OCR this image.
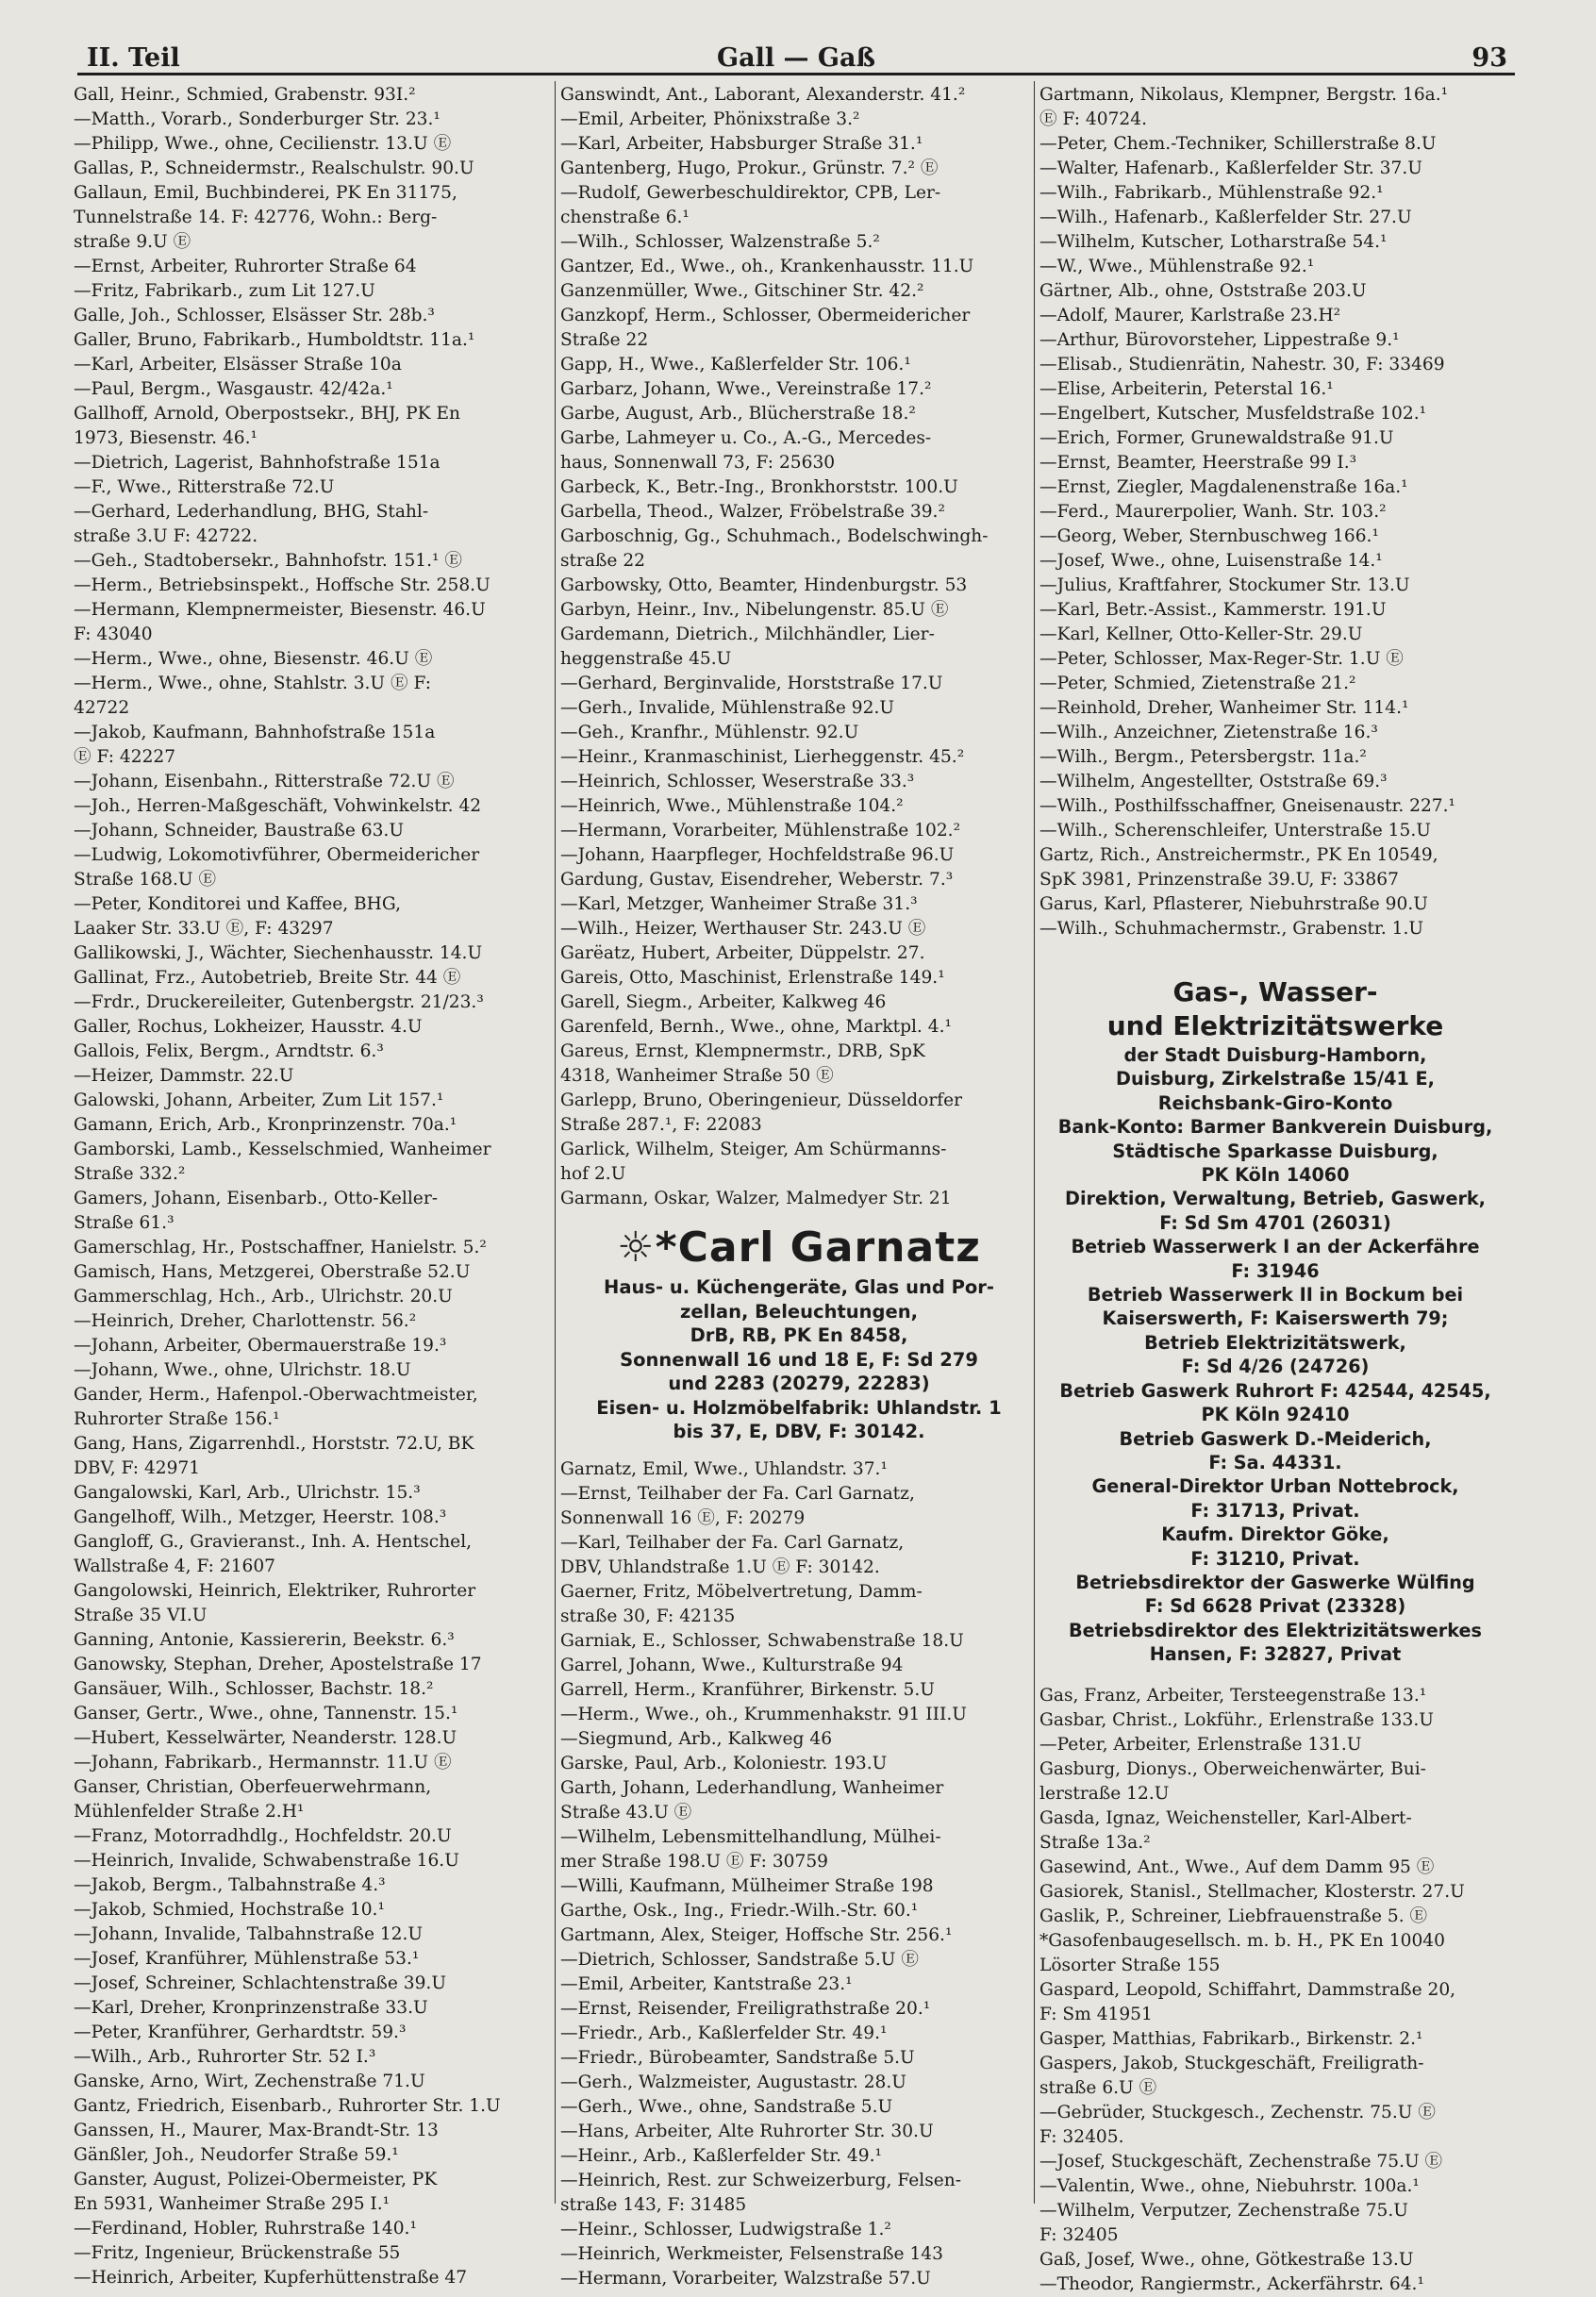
II. Teil	Gall — Gaß	93
Gall, Heinr., Schmied, Grabenstr. 93I.²
—Matth., Vorarb., Sonderburger Str. 23.¹
—Philipp, Wwe., ohne, Cecilienstr. 13.U Ⓔ
Gallas, P., Schneidermstr., Realschulstr. 90.U
Gallaun, Emil, Buchbinderei, PK En 31175,
Tunnelstraße 14. F: 42776, Wohn.: Berg-
straße 9.U Ⓔ
—Ernst, Arbeiter, Ruhrorter Straße 64
—Fritz, Fabrikarb., zum Lit 127.U
Galle, Joh., Schlosser, Elsässer Str. 28b.³
Galler, Bruno, Fabrikarb., Humboldtstr. 11a.¹
—Karl, Arbeiter, Elsässer Straße 10a
—Paul, Bergm., Wasgaustr. 42/42a.¹
Gallhoff, Arnold, Oberpostsekr., BHJ, PK En
1973, Biesenstr. 46.¹
—Dietrich, Lagerist, Bahnhofstraße 151a
—F., Wwe., Ritterstraße 72.U
—Gerhard, Lederhandlung, BHG, Stahl-
straße 3.U F: 42722.
—Geh., Stadtobersekr., Bahnhofstr. 151.¹ Ⓔ
—Herm., Betriebsinspekt., Hoffsche Str. 258.U
—Hermann, Klempnermeister, Biesenstr. 46.U
F: 43040
—Herm., Wwe., ohne, Biesenstr. 46.U Ⓔ
—Herm., Wwe., ohne, Stahlstr. 3.U Ⓔ F:
42722
—Jakob, Kaufmann, Bahnhofstraße 151a
Ⓔ F: 42227
—Johann, Eisenbahn., Ritterstraße 72.U Ⓔ
—Joh., Herren-Maßgeschäft, Vohwinkelstr. 42
—Johann, Schneider, Baustraße 63.U
—Ludwig, Lokomotivführer, Obermeidericher
Straße 168.U Ⓔ
—Peter, Konditorei und Kaffee, BHG,
Laaker Str. 33.U Ⓔ, F: 43297
Gallikowski, J., Wächter, Siechenhausstr. 14.U
Gallinat, Frz., Autobetrieb, Breite Str. 44 Ⓔ
—Frdr., Druckereileiter, Gutenbergstr. 21/23.³
Galler, Rochus, Lokheizer, Hausstr. 4.U
Gallois, Felix, Bergm., Arndtstr. 6.³
—Heizer, Dammstr. 22.U
Galowski, Johann, Arbeiter, Zum Lit 157.¹
Gamann, Erich, Arb., Kronprinzenstr. 70a.¹
Gamborski, Lamb., Kesselschmied, Wanheimer
Straße 332.²
Gamers, Johann, Eisenbarb., Otto-Keller-
Straße 61.³
Gamerschlag, Hr., Postschaffner, Hanielstr. 5.²
Gamisch, Hans, Metzgerei, Oberstraße 52.U
Gammerschlag, Hch., Arb., Ulrichstr. 20.U
—Heinrich, Dreher, Charlottenstr. 56.²
—Johann, Arbeiter, Obermauerstraße 19.³
—Johann, Wwe., ohne, Ulrichstr. 18.U
Gander, Herm., Hafenpol.-Oberwachtmeister,
Ruhrorter Straße 156.¹
Gang, Hans, Zigarrenhdl., Horststr. 72.U, BK
DBV, F: 42971
Gangalowski, Karl, Arb., Ulrichstr. 15.³
Gangelhoff, Wilh., Metzger, Heerstr. 108.³
Gangloff, G., Gravieranst., Inh. A. Hentschel,
Wallstraße 4, F: 21607
Gangolowski, Heinrich, Elektriker, Ruhrorter
Straße 35 VI.U
Ganning, Antonie, Kassiererin, Beekstr. 6.³
Ganowsky, Stephan, Dreher, Apostelstraße 17
Gansäuer, Wilh., Schlosser, Bachstr. 18.²
Ganser, Gertr., Wwe., ohne, Tannenstr. 15.¹
—Hubert, Kesselwärter, Neanderstr. 128.U
—Johann, Fabrikarb., Hermannstr. 11.U Ⓔ
Ganser, Christian, Oberfeuerwehrmann,
Mühlenfelder Straße 2.H¹
—Franz, Motorradhdlg., Hochfeldstr. 20.U
—Heinrich, Invalide, Schwabenstraße 16.U
—Jakob, Bergm., Talbahnstraße 4.³
—Jakob, Schmied, Hochstraße 10.¹
—Johann, Invalide, Talbahnstraße 12.U
—Josef, Kranführer, Mühlenstraße 53.¹
—Josef, Schreiner, Schlachtenstraße 39.U
—Karl, Dreher, Kronprinzenstraße 33.U
—Peter, Kranführer, Gerhardtstr. 59.³
—Wilh., Arb., Ruhrorter Str. 52 I.³
Ganske, Arno, Wirt, Zechenstraße 71.U
Gantz, Friedrich, Eisenbarb., Ruhrorter Str. 1.U
Ganssen, H., Maurer, Max-Brandt-Str. 13
Gänßler, Joh., Neudorfer Straße 59.¹
Ganster, August, Polizei-Obermeister, PK
En 5931, Wanheimer Straße 295 I.¹
—Ferdinand, Hobler, Ruhrstraße 140.¹
—Fritz, Ingenieur, Brückenstraße 55
—Heinrich, Arbeiter, Kupferhüttenstraße 47
Ganswindt, Ant., Laborant, Alexanderstr. 41.²
—Emil, Arbeiter, Phönixstraße 3.²
—Karl, Arbeiter, Habsburger Straße 31.¹
Gantenberg, Hugo, Prokur., Grünstr. 7.² Ⓔ
—Rudolf, Gewerbeschuldirektor, CPB, Ler-
chenstraße 6.¹
—Wilh., Schlosser, Walzenstraße 5.²
Gantzer, Ed., Wwe., oh., Krankenhausstr. 11.U
Ganzenmüller, Wwe., Gitschiner Str. 42.²
Ganzkopf, Herm., Schlosser, Obermeidericher
Straße 22
Gapp, H., Wwe., Kaßlerfelder Str. 106.¹
Garbarz, Johann, Wwe., Vereinstraße 17.²
Garbe, August, Arb., Blücherstraße 18.²
Garbe, Lahmeyer u. Co., A.-G., Mercedes-
haus, Sonnenwall 73, F: 25630
Garbeck, K., Betr.-Ing., Bronkhorststr. 100.U
Garbella, Theod., Walzer, Fröbelstraße 39.²
Garboschnig, Gg., Schuhmach., Bodelschwingh-
straße 22
Garbowsky, Otto, Beamter, Hindenburgstr. 53
Garbyn, Heinr., Inv., Nibelungenstr. 85.U Ⓔ
Gardemann, Dietrich., Milchhändler, Lier-
heggenstraße 45.U
—Gerhard, Berginvalide, Horststraße 17.U
—Gerh., Invalide, Mühlenstraße 92.U
—Geh., Kranfhr., Mühlenstr. 92.U
—Heinr., Kranmaschinist, Lierheggenstr. 45.²
—Heinrich, Schlosser, Weserstraße 33.³
—Heinrich, Wwe., Mühlenstraße 104.²
—Hermann, Vorarbeiter, Mühlenstraße 102.²
—Johann, Haarpfleger, Hochfeldstraße 96.U
Gardung, Gustav, Eisendreher, Weberstr. 7.³
—Karl, Metzger, Wanheimer Straße 31.³
—Wilh., Heizer, Werthauser Str. 243.U Ⓔ
Garëatz, Hubert, Arbeiter, Düppelstr. 27.
Gareis, Otto, Maschinist, Erlenstraße 149.¹
Garell, Siegm., Arbeiter, Kalkweg 46
Garenfeld, Bernh., Wwe., ohne, Marktpl. 4.¹
Gareus, Ernst, Klempnermstr., DRB, SpK
4318, Wanheimer Straße 50 Ⓔ
Garlepp, Bruno, Oberingenieur, Düsseldorfer
Straße 287.¹, F: 22083
Garlick, Wilhelm, Steiger, Am Schürmanns-
hof 2.U
Garmann, Oskar, Walzer, Malmedyer Str. 21
☼*Carl Garnatz
Haus- u. Küchengeräte, Glas und Por-
zellan, Beleuchtungen,
DrB, RB, PK En 8458,
Sonnenwall 16 und 18 E, F: Sd 279
und 2283 (20279, 22283)
Eisen- u. Holzmöbelfabrik: Uhlandstr. 1
bis 37, E, DBV, F: 30142.
Garnatz, Emil, Wwe., Uhlandstr. 37.¹
—Ernst, Teilhaber der Fa. Carl Garnatz,
Sonnenwall 16 Ⓔ, F: 20279
—Karl, Teilhaber der Fa. Carl Garnatz,
DBV, Uhlandstraße 1.U Ⓔ F: 30142.
Gaerner, Fritz, Möbelvertretung, Damm-
straße 30, F: 42135
Garniak, E., Schlosser, Schwabenstraße 18.U
Garrel, Johann, Wwe., Kulturstraße 94
Garrell, Herm., Kranführer, Birkenstr. 5.U
—Herm., Wwe., oh., Krummenhakstr. 91 III.U
—Siegmund, Arb., Kalkweg 46
Garske, Paul, Arb., Koloniestr. 193.U
Garth, Johann, Lederhandlung, Wanheimer
Straße 43.U Ⓔ
—Wilhelm, Lebensmittelhandlung, Mülhei-
mer Straße 198.U Ⓔ F: 30759
—Willi, Kaufmann, Mülheimer Straße 198
Garthe, Osk., Ing., Friedr.-Wilh.-Str. 60.¹
Gartmann, Alex, Steiger, Hoffsche Str. 256.¹
—Dietrich, Schlosser, Sandstraße 5.U Ⓔ
—Emil, Arbeiter, Kantstraße 23.¹
—Ernst, Reisender, Freiligrathstraße 20.¹
—Friedr., Arb., Kaßlerfelder Str. 49.¹
—Friedr., Bürobeamter, Sandstraße 5.U
—Gerh., Walzmeister, Augustastr. 28.U
—Gerh., Wwe., ohne, Sandstraße 5.U
—Hans, Arbeiter, Alte Ruhrorter Str. 30.U
—Heinr., Arb., Kaßlerfelder Str. 49.¹
—Heinrich, Rest. zur Schweizerburg, Felsen-
straße 143, F: 31485
—Heinr., Schlosser, Ludwigstraße 1.²
—Heinrich, Werkmeister, Felsenstraße 143
—Hermann, Vorarbeiter, Walzstraße 57.U
Gartmann, Nikolaus, Klempner, Bergstr. 16a.¹
Ⓔ F: 40724.
—Peter, Chem.-Techniker, Schillerstraße 8.U
—Walter, Hafenarb., Kaßlerfelder Str. 37.U
—Wilh., Fabrikarb., Mühlenstraße 92.¹
—Wilh., Hafenarb., Kaßlerfelder Str. 27.U
—Wilhelm, Kutscher, Lotharstraße 54.¹
—W., Wwe., Mühlenstraße 92.¹
Gärtner, Alb., ohne, Oststraße 203.U
—Adolf, Maurer, Karlstraße 23.H²
—Arthur, Bürovorsteher, Lippestraße 9.¹
—Elisab., Studienrätin, Nahestr. 30, F: 33469
—Elise, Arbeiterin, Peterstal 16.¹
—Engelbert, Kutscher, Musfeldstraße 102.¹
—Erich, Former, Grunewaldstraße 91.U
—Ernst, Beamter, Heerstraße 99 I.³
—Ernst, Ziegler, Magdalenenstraße 16a.¹
—Ferd., Maurerpolier, Wanh. Str. 103.²
—Georg, Weber, Sternbuschweg 166.¹
—Josef, Wwe., ohne, Luisenstraße 14.¹
—Julius, Kraftfahrer, Stockumer Str. 13.U
—Karl, Betr.-Assist., Kammerstr. 191.U
—Karl, Kellner, Otto-Keller-Str. 29.U
—Peter, Schlosser, Max-Reger-Str. 1.U Ⓔ
—Peter, Schmied, Zietenstraße 21.²
—Reinhold, Dreher, Wanheimer Str. 114.¹
—Wilh., Anzeichner, Zietenstraße 16.³
—Wilh., Bergm., Petersbergstr. 11a.²
—Wilhelm, Angestellter, Oststraße 69.³
—Wilh., Posthilfsschaffner, Gneisenaustr. 227.¹
—Wilh., Scherenschleifer, Unterstraße 15.U
Gartz, Rich., Anstreichermstr., PK En 10549,
SpK 3981, Prinzenstraße 39.U, F: 33867
Garus, Karl, Pflasterer, Niebuhrstraße 90.U
—Wilh., Schuhmachermstr., Grabenstr. 1.U
Gas-, Wasser-
und Elektrizitätswerke
der Stadt Duisburg-Hamborn,
Duisburg, Zirkelstraße 15/41 E,
Reichsbank-Giro-Konto
Bank-Konto: Barmer Bankverein Duisburg,
Städtische Sparkasse Duisburg,
PK Köln 14060
Direktion, Verwaltung, Betrieb, Gaswerk,
F: Sd Sm 4701 (26031)
Betrieb Wasserwerk I an der Ackerfähre
F: 31946
Betrieb Wasserwerk II in Bockum bei
Kaiserswerth, F: Kaiserswerth 79;
Betrieb Elektrizitätswerk,
F: Sd 4/26 (24726)
Betrieb Gaswerk Ruhrort F: 42544, 42545,
PK Köln 92410
Betrieb Gaswerk D.-Meiderich,
F: Sa. 44331.
General-Direktor Urban Nottebrock,
F: 31713, Privat.
Kaufm. Direktor Göke,
F: 31210, Privat.
Betriebsdirektor der Gaswerke Wülfing
F: Sd 6628 Privat (23328)
Betriebsdirektor des Elektrizitätswerkes
Hansen, F: 32827, Privat
Gas, Franz, Arbeiter, Tersteegenstraße 13.¹
Gasbar, Christ., Lokführ., Erlenstraße 133.U
—Peter, Arbeiter, Erlenstraße 131.U
Gasburg, Dionys., Oberweichenwärter, Bui-
lerstraße 12.U
Gasda, Ignaz, Weichensteller, Karl-Albert-
Straße 13a.²
Gasewind, Ant., Wwe., Auf dem Damm 95 Ⓔ
Gasiorek, Stanisl., Stellmacher, Klosterstr. 27.U
Gaslik, P., Schreiner, Liebfrauenstraße 5. Ⓔ
*Gasofenbaugesellsch. m. b. H., PK En 10040
Lösorter Straße 155
Gaspard, Leopold, Schiffahrt, Dammstraße 20,
F: Sm 41951
Gasper, Matthias, Fabrikarb., Birkenstr. 2.¹
Gaspers, Jakob, Stuckgeschäft, Freiligrath-
straße 6.U Ⓔ
—Gebrüder, Stuckgesch., Zechenstr. 75.U Ⓔ
F: 32405.
—Josef, Stuckgeschäft, Zechenstraße 75.U Ⓔ
—Valentin, Wwe., ohne, Niebuhrstr. 100a.¹
—Wilhelm, Verputzer, Zechenstraße 75.U
F: 32405
Gaß, Josef, Wwe., ohne, Götkestraße 13.U
—Theodor, Rangiermstr., Ackerfährstr. 64.¹
